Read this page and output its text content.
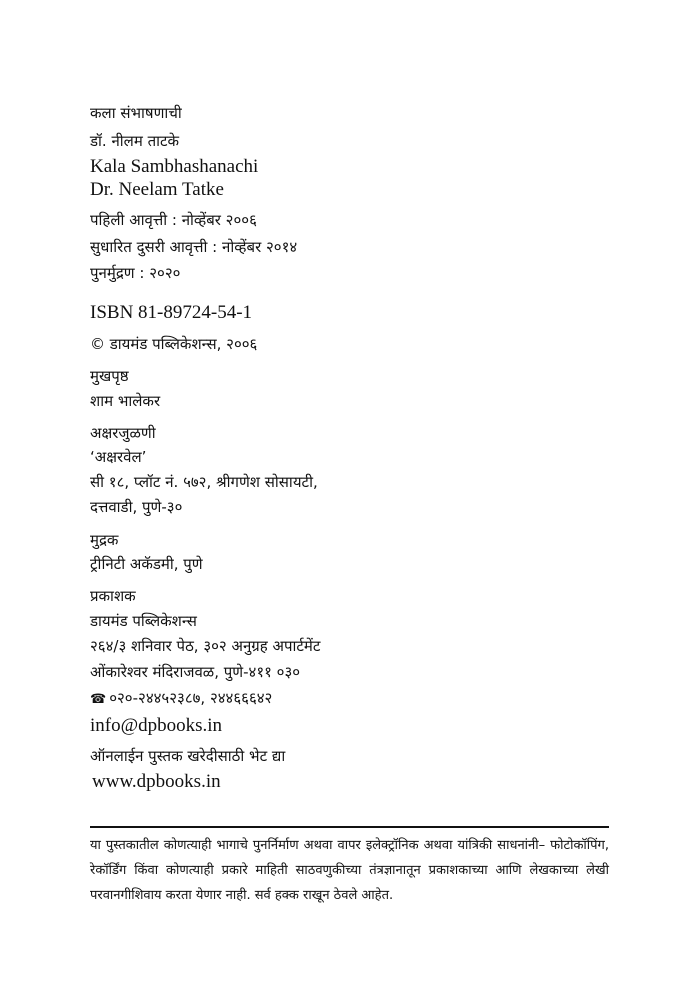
कला संभाषणाची
डॉ. नीलम ताटके
Kala Sambhashanachi
Dr. Neelam Tatke
पहिली आवृत्ती : नोव्हेंबर २००६
सुधारित दुसरी आवृत्ती : नोव्हेंबर २०१४
पुनर्मुद्रण : २०२०
ISBN 81-89724-54-1
© डायमंड पब्लिकेशन्स, २००६
मुखपृष्ठ
शाम भालेकर
अक्षरजुळणी
‘अक्षरवेल’
सी १८, प्लॉट नं. ५७२, श्रीगणेश सोसायटी,
दत्तवाडी, पुणे-३०
मुद्रक
ट्रीनिटी अकॅडमी, पुणे
प्रकाशक
डायमंड पब्लिकेशन्स
२६४/३ शनिवार पेठ, ३०२ अनुग्रह अपार्टमेंट
ओंकारेश्वर मंदिराजवळ, पुणे-४११ ०३०
☎ ०२०-२४४५२३८७, २४४६६६४२
info@dpbooks.in
ऑनलाईन पुस्तक खरेदीसाठी भेट द्या
www.dpbooks.in
या पुस्तकातील कोणत्याही भागाचे पुनर्निर्माण अथवा वापर इलेक्ट्रॉनिक अथवा यांत्रिकी साधनांनी– फोटोकॉपिंग, रेकॉर्डिंग किंवा कोणत्याही प्रकारे माहिती साठवणुकीच्या तंत्रज्ञानातून प्रकाशकाच्या आणि लेखकाच्या लेखी परवानगीशिवाय करता येणार नाही. सर्व हक्क राखून ठेवले आहेत.
